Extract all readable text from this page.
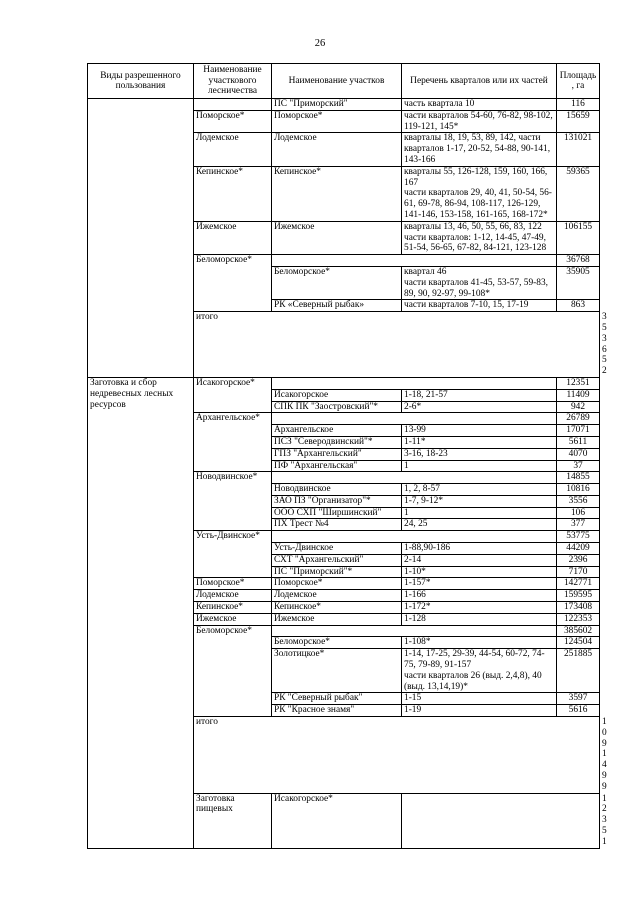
26
Виды разрешенного пользования	Наименование участкового лесничества	Наименование участков	Перечень кварталов или их частей	Площадь, га	
		ПС "Приморский"	часть квартала 10	116	
	Поморское*	Поморское*	части кварталов 54-60, 76-82, 98-102, 119-121, 145*	15659	
	Лодемское	Лодемское	кварталы 18, 19, 53, 89, 142, части кварталов 1-17, 20-52, 54-88, 90-141, 143-166	131021	
	Кепинское*	Кепинское*	кварталы 55, 126-128, 159, 160, 166, 167
части кварталов 29, 40, 41, 50-54, 56-61, 69-78, 86-94, 108-117, 126-129, 141-146, 153-158, 161-165, 168-172*	59365	
	Ижемское	Ижемское	кварталы 13, 46, 50, 55, 66, 83, 122
части кварталов: 1-12, 14-45, 47-49, 51-54, 56-65, 67-82, 84-121, 123-128	106155	
	Беломорское*			36768	
		Беломорское*	квартал 46
части кварталов 41-45, 53-57, 59-83, 89, 90, 92-97, 99-108*	35905	
		РК «Северный рыбак»	части кварталов 7-10, 15, 17-19	863	
	итого				353652
Заготовка и сбор недревесных лесных ресурсов	Исакогорское*			12351	
		Исакогорское	1-18, 21-57	11409	
		СПК ПК "Заостровский"*	2-6*	942	
	Архангельское*			26789	
		Архангельское	13-99	17071	
		ПСЗ "Северодвинский"*	1-11*	5611	
		ГПЗ "Архангельский"	3-16, 18-23	4070	
		ПФ "Архангельская"	1	37	
	Новодвинское*			14855	
		Новодвинское	1, 2, 8-57	10816	
		ЗАО ПЗ "Организатор"*	1-7, 9-12*	3556	
		ООО СХП "Ширшинский"	1	106	
		ПХ Трест №4	24, 25	377	
	Усть-Двинское*			53775	
		Усть-Двинское	1-88,90-186	44209	
		СХТ "Архангельский"	2-14	2396	
		ПС "Приморский"*	1-10*	7170	
	Поморское*	Поморское*	1-157*	142771	
	Лодемское	Лодемское	1-166	159595	
	Кепинское*	Кепинское*	1-172*	173408	
	Ижемское	Ижемское	1-128	122353	
	Беломорское*			385602	
		Беломорское*	1-108*	124504	
		Золотицкое*	1-14, 17-25, 29-39, 44-54, 60-72, 74-75, 79-89, 91-157
части кварталов 26 (выд. 2,4,8), 40 (выд. 13,14,19)*	251885	
		РК "Северный рыбак"	1-15	3597	
		РК "Красное знамя"	1-19	5616	
	итого				1091499
	Заготовка пищевых	Исакогорское*			12351
